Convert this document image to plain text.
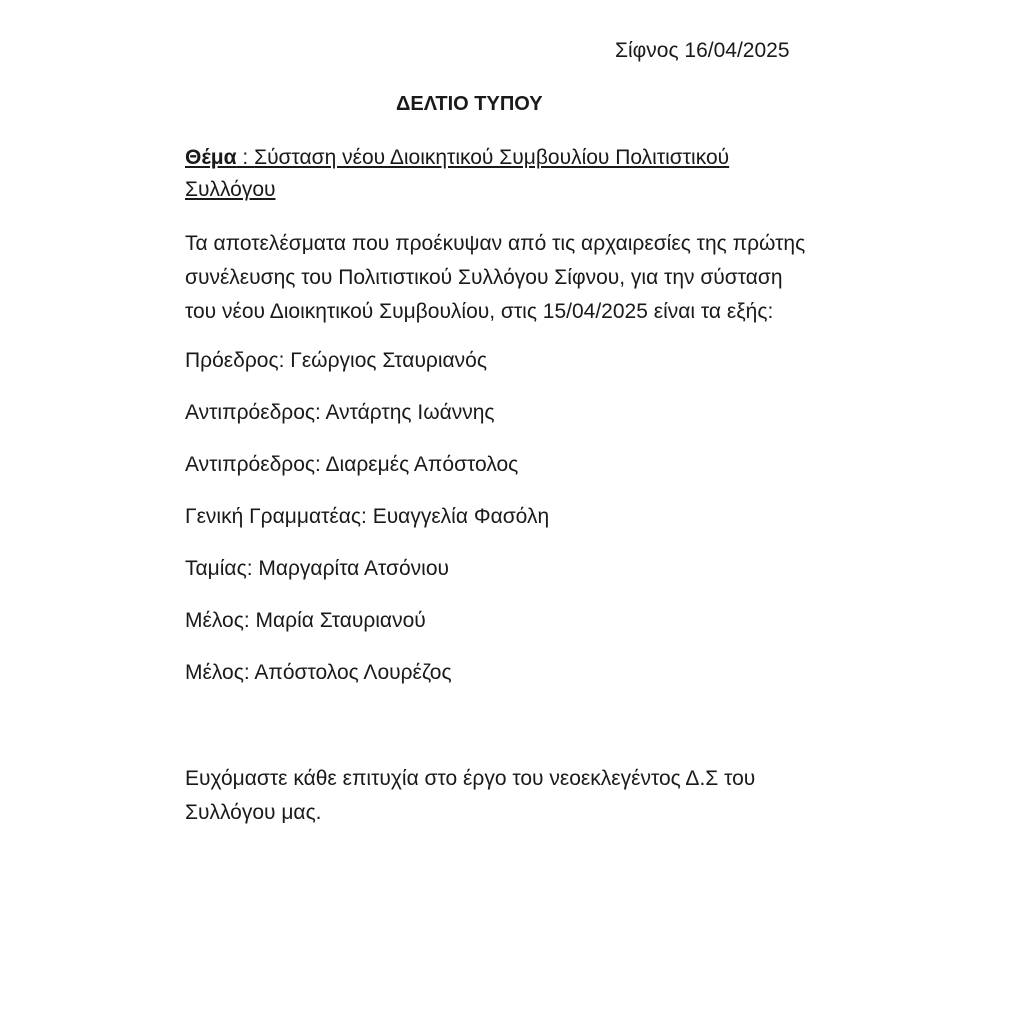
Σίφνος 16/04/2025
ΔΕΛΤΙΟ ΤΥΠΟΥ
Θέμα : Σύσταση νέου Διοικητικού Συμβουλίου Πολιτιστικού
Συλλόγου

Τα αποτελέσματα που προέκυψαν από τις αρχαιρεσίες της πρώτης

συνέλευσης του Πολιτιστικού Συλλόγου Σίφνου, για την σύσταση

του νέου Διοικητικού Συμβουλίου, στις 15/04/2025 είναι τα εξής:

Πρόεδρος: Γεώργιος Σταυριανός
Αντιπρόεδρος: Αντάρτης Ιωάννης
Αντιπρόεδρος: Διαρεμές Απόστολος
Γενική Γραμματέας: Ευαγγελία Φασόλη
Ταμίας: Μαργαρίτα Ατσόνιου
Μέλος: Μαρία Σταυριανού
Μέλος: Απόστολος Λουρέζος

Ευχόμαστε κάθε επιτυχία στο έργο του νεοεκλεγέντος Δ.Σ του

Συλλόγου μας.
